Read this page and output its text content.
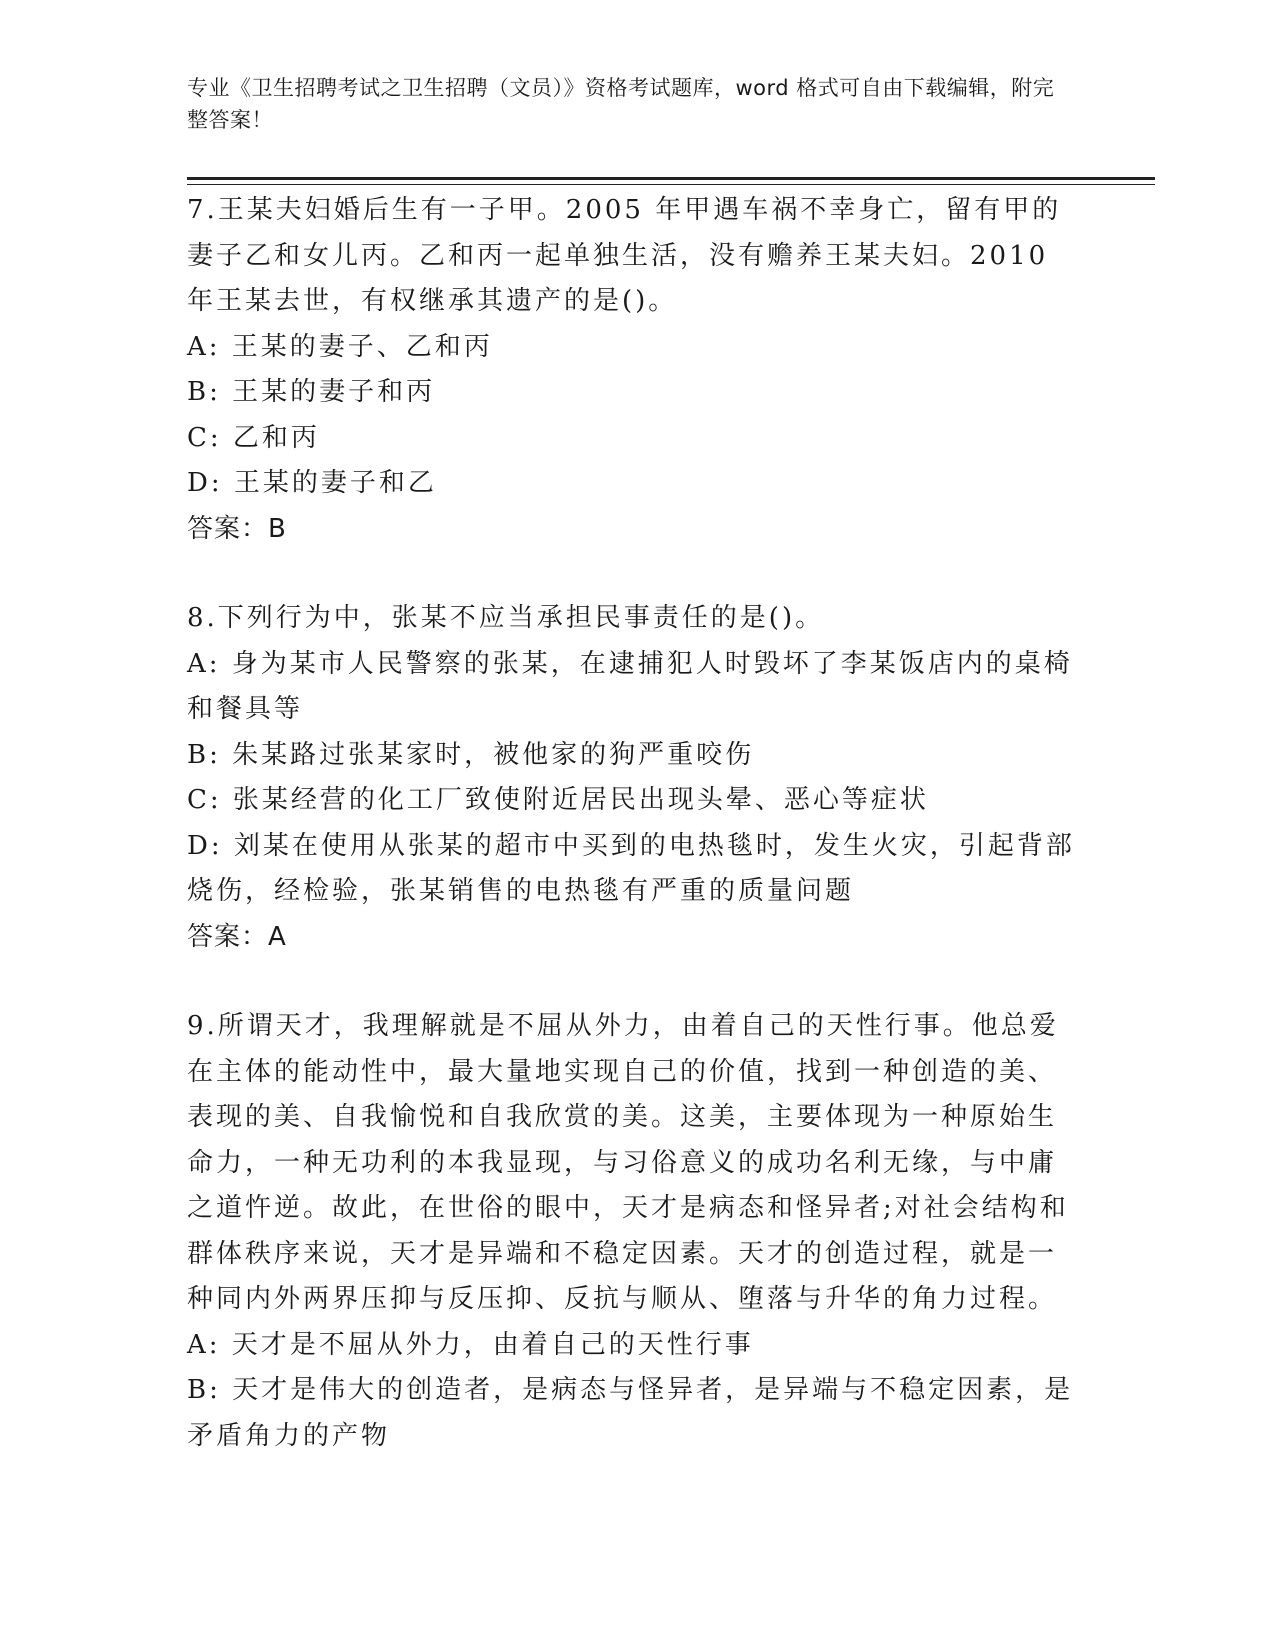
专业《卫生招聘考试之卫生招聘（文员）》资格考试题库，word 格式可自由下载编辑，附完整答案！

7.王某夫妇婚后生有一子甲。2005 年甲遇车祸不幸身亡，留有甲的妻子乙和女儿丙。乙和丙一起单独生活，没有赡养王某夫妇。2010 年王某去世，有权继承其遗产的是()。

A: 王某的妻子、乙和丙

B: 王某的妻子和丙

C: 乙和丙

D: 王某的妻子和乙

答案：B

8.下列行为中，张某不应当承担民事责任的是()。

A: 身为某市人民警察的张某，在逮捕犯人时毁坏了李某饭店内的桌椅和餐具等

B: 朱某路过张某家时，被他家的狗严重咬伤

C: 张某经营的化工厂致使附近居民出现头晕、恶心等症状

D: 刘某在使用从张某的超市中买到的电热毯时，发生火灾，引起背部烧伤，经检验，张某销售的电热毯有严重的质量问题

答案：A

9.所谓天才，我理解就是不屈从外力，由着自己的天性行事。他总爱在主体的能动性中，最大量地实现自己的价值，找到一种创造的美、表现的美、自我愉悦和自我欣赏的美。这美，主要体现为一种原始生命力，一种无功利的本我显现，与习俗意义的成功名利无缘，与中庸之道忤逆。故此，在世俗的眼中，天才是病态和怪异者;对社会结构和群体秩序来说，天才是异端和不稳定因素。天才的创造过程，就是一种同内外两界压抑与反压抑、反抗与顺从、堕落与升华的角力过程。

A: 天才是不屈从外力，由着自己的天性行事

B: 天才是伟大的创造者，是病态与怪异者，是异端与不稳定因素，是矛盾角力的产物
